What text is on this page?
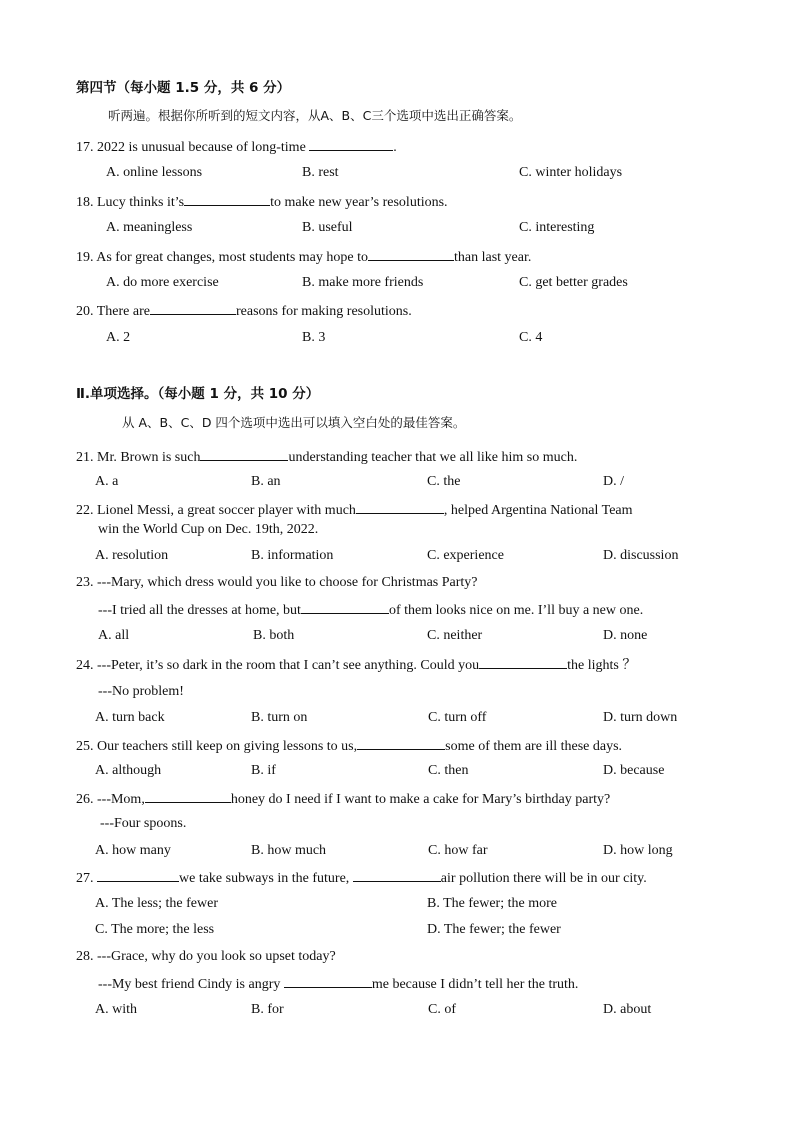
第四节（每小题 1.5 分，共 6 分）
听两遍。根据你所听到的短文内容，从A、B、C三个选项中选出正确答案。
17. 2022 is unusual because of long-time	.
A. online lessons	B. rest	C. winter holidays
18. Lucy thinks it’s	to make new year’s resolutions.
A. meaningless	B. useful	C. interesting
19. As for great changes, most students may hope to	than last year.
A. do more exercise	B. make more friends	C. get better grades
20. There are	reasons for making resolutions.
A. 2	B. 3	C. 4
Ⅱ.单项选择。（每小题 1 分，共 10 分）
从 A、B、C、D 四个选项中选出可以填入空白处的最佳答案。
21. Mr. Brown is such	understanding teacher that we all like him so much.
A. a	B. an	C. the	D. /
22. Lionel Messi, a great soccer player with much	, helped Argentina National Team
win the World Cup on Dec. 19th, 2022.
A. resolution	B. information	C. experience	D. discussion
23. ---Mary, which dress would you like to choose for Christmas Party?
---I tried all the dresses at home, but	of them looks nice on me. I’ll buy a new one.
A. all	B. both	C. neither	D. none
24. ---Peter, it’s so dark in the room that I can’t see anything. Could you	the lights ？
---No problem!
A. turn back	B. turn on	C. turn off	D. turn down
25. Our teachers still keep on giving lessons to us,	some of them are ill these days.
A. although	B. if	C. then	D. because
26. ---Mom,	honey do I need if I want to make a cake for Mary’s birthday party?
---Four spoons.
A. how many	B. how much	C. how far	D. how long
27.	we take subways in the future,	air pollution there will be in our city.
A. The less; the fewer	B. The fewer; the more
C. The more; the less	D. The fewer; the fewer
28. ---Grace, why do you look so upset today?
---My best friend Cindy is angry	me because I didn’t tell her the truth.
A. with	B. for	C. of	D. about
